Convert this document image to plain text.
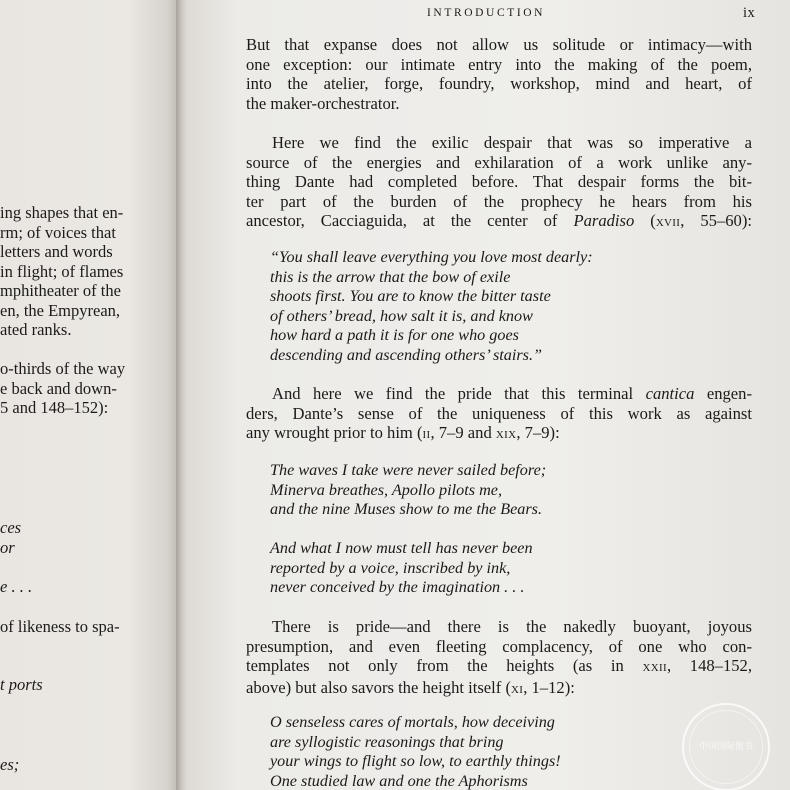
ing shapes that en-
rm; of voices that
letters and words
in flight; of flames
mphitheater of the
en, the Empyrean,
ated ranks.
o-thirds of the way
e back and down-
5 and 148–152):
ces
or
e . . .
of likeness to spa-
t ports
es;
INTRODUCTION	ix
But that expanse does not allow us solitude or intimacy—with
one exception: our intimate entry into the making of the poem,
into the atelier, forge, foundry, workshop, mind and heart, of
the maker-orchestrator.
Here we find the exilic despair that was so imperative a
source of the energies and exhilaration of a work unlike any-
thing Dante had completed before. That despair forms the bit-
ter part of the burden of the prophecy he hears from his
ancestor, Cacciaguida, at the center of Paradiso (xvii, 55–60):
“You shall leave everything you love most dearly:
this is the arrow that the bow of exile
shoots first. You are to know the bitter taste
of others’ bread, how salt it is, and know
how hard a path it is for one who goes
descending and ascending others’ stairs.”
And here we find the pride that this terminal cantica engen-
ders, Dante’s sense of the uniqueness of this work as against
any wrought prior to him (ii, 7–9 and xix, 7–9):
The waves I take were never sailed before;
Minerva breathes, Apollo pilots me,
and the nine Muses show to me the Bears.
And what I now must tell has never been
reported by a voice, inscribed by ink,
never conceived by the imagination . . .
There is pride—and there is the nakedly buoyant, joyous
presumption, and even fleeting complacency, of one who con-
templates not only from the heights (as in xxii, 148–152,
above) but also savors the height itself (xi, 1–12):
O senseless cares of mortals, how deceiving
are syllogistic reasonings that bring
your wings to flight so low, to earthly things!
One studied law and one the Aphorisms
中国国际图书
